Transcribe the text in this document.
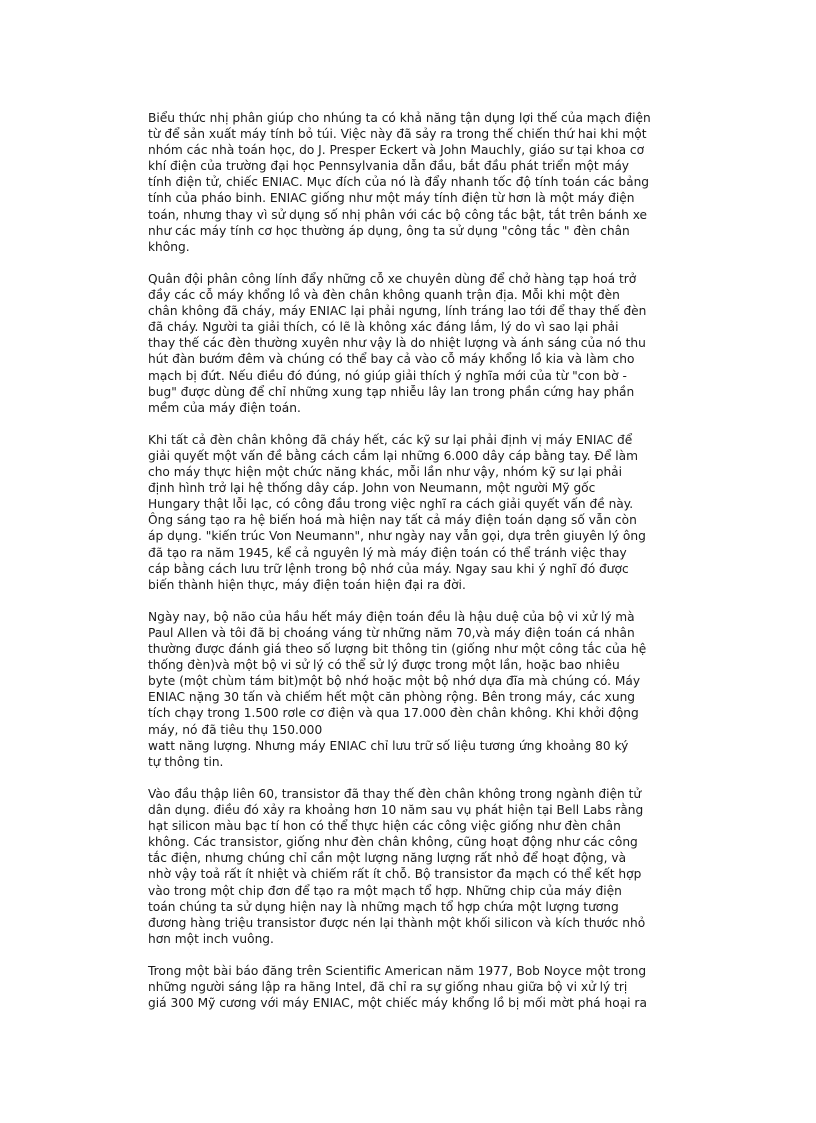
Biểu thức nhị phân giúp cho nhúng ta có khả năng tận dụng lợi thế của mạch điện
từ để sản xuất máy tính bỏ túi. Việc này đã sảy ra trong thế chiến thứ hai khi một
nhóm các nhà toán học, do J. Presper Eckert và John Mauchly, giáo sư tại khoa cơ
khí điện của trường đại học Pennsylvania dẫn đầu, bắt đầu phát triển một máy
tính điện tử, chiếc ENIAC. Mục đích của nó là đẩy nhanh tốc độ tính toán các bảng
tính của pháo binh. ENIAC giống như một máy tính điện từ hơn là một máy điện
toán, nhưng thay vì sử dụng số nhị phân với các bộ công tắc bật, tắt trên bánh xe
như các máy tính cơ học thường áp dụng, ông ta sử dụng "công tắc " đèn chân
không.

Quân đội phân công lính đẩy những cỗ xe chuyên dùng để chở hàng tạp hoá trở
đầy các cỗ máy khổng lồ và đèn chân không quanh trận địa. Mỗi khi một đèn
chân không đã cháy, máy ENIAC lại phải ngưng, lính tráng lao tới để thay thế đèn
đã cháy. Người ta giải thích, có lẽ là không xác đáng lắm, lý do vì sao lại phải
thay thế các đèn thường xuyên như vậy là do nhiệt lượng và ánh sáng của nó thu
hút đàn bướm đêm và chúng có thể bay cả vào cỗ máy khổng lồ kia và làm cho
mạch bị đứt. Nếu điều đó đúng, nó giúp giải thích ý nghĩa mới của từ "con bờ -
bug" được dùng để chỉ những xung tạp nhiễu lây lan trong phần cứng hay phần
mềm của máy điện toán.

Khi tất cả đèn chân không đã cháy hết, các kỹ sư lại phải định vị máy ENIAC để
giải quyết một vấn đề bằng cách cắm lại những 6.000 dây cáp bằng tay. Để làm
cho máy thực hiện một chức năng khác, mỗi lần như vậy, nhóm kỹ sư lại phải
định hình trở lại hệ thống dây cáp. John von Neumann, một người Mỹ gốc
Hungary thật lỗi lạc, có công đầu trong việc nghĩ ra cách giải quyết vấn đề này.
Ông sáng tạo ra hệ biến hoá mà hiện nay tất cả máy điện toán dạng số vẫn còn
áp dụng. "kiến trúc Von Neumann", như ngày nay vẫn gọi, dựa trên giuyên lý ông
đã tạo ra năm 1945, kể cả nguyên lý mà máy điện toán có thể tránh việc thay
cáp bằng cách lưu trữ lệnh trong bộ nhớ của máy. Ngay sau khi ý nghĩ đó được
biến thành hiện thực, máy điện toán hiện đại ra đời.

Ngày nay, bộ não của hầu hết máy điện toán đều là hậu duệ của bộ vi xử lý mà
Paul Allen và tôi đã bị choáng váng từ những năm 70,và máy điện toán cá nhân
thường được đánh giá theo số lượng bit thông tin (giống như một công tắc của hệ
thống đèn)và một bộ vi sử lý có thể sử lý được trong một lần, hoặc bao nhiêu
byte (một chùm tám bit)một bộ nhớ hoặc một bộ nhớ dựa đĩa mà chúng có. Máy
ENIAC nặng 30 tấn và chiếm hết một căn phòng rộng. Bên trong máy, các xung
tích chạy trong 1.500 rơle cơ điện và qua 17.000 đèn chân không. Khi khởi động
máy, nó đã tiêu thụ 150.000
watt năng lượng. Nhưng máy ENIAC chỉ lưu trữ số liệu tương ứng khoảng 80 ký
tự thông tin.

Vào đầu thập liên 60, transistor đã thay thế đèn chân không trong ngành điện tử
dân dụng. điều đó xảy ra khoảng hơn 10 năm sau vụ phát hiện tại Bell Labs rằng
hạt silicon màu bạc tí hon có thể thực hiện các công việc giống như đèn chân
không. Các transistor, giống như đèn chân không, cũng hoạt động như các công
tắc điện, nhưng chúng chỉ cần một lượng năng lượng rất nhỏ để hoạt động, và
nhờ vậy toả rất ít nhiệt và chiếm rất ít chỗ. Bộ transistor đa mạch có thể kết hợp
vào trong một chip đơn để tạo ra một mạch tổ hợp. Những chip của máy điện
toán chúng ta sử dụng hiện nay là những mạch tổ hợp chứa một lượng tương
đương hàng triệu transistor được nén lại thành một khối silicon và kích thước nhỏ
hơn một inch vuông.

Trong một bài báo đăng trên Scientific American năm 1977, Bob Noyce một trong
những người sáng lập ra hãng Intel, đã chỉ ra sự giống nhau giữa bộ vi xử lý trị
giá 300 Mỹ cương với máy ENIAC, một chiếc máy khổng lồ bị mối mờt phá hoại ra
